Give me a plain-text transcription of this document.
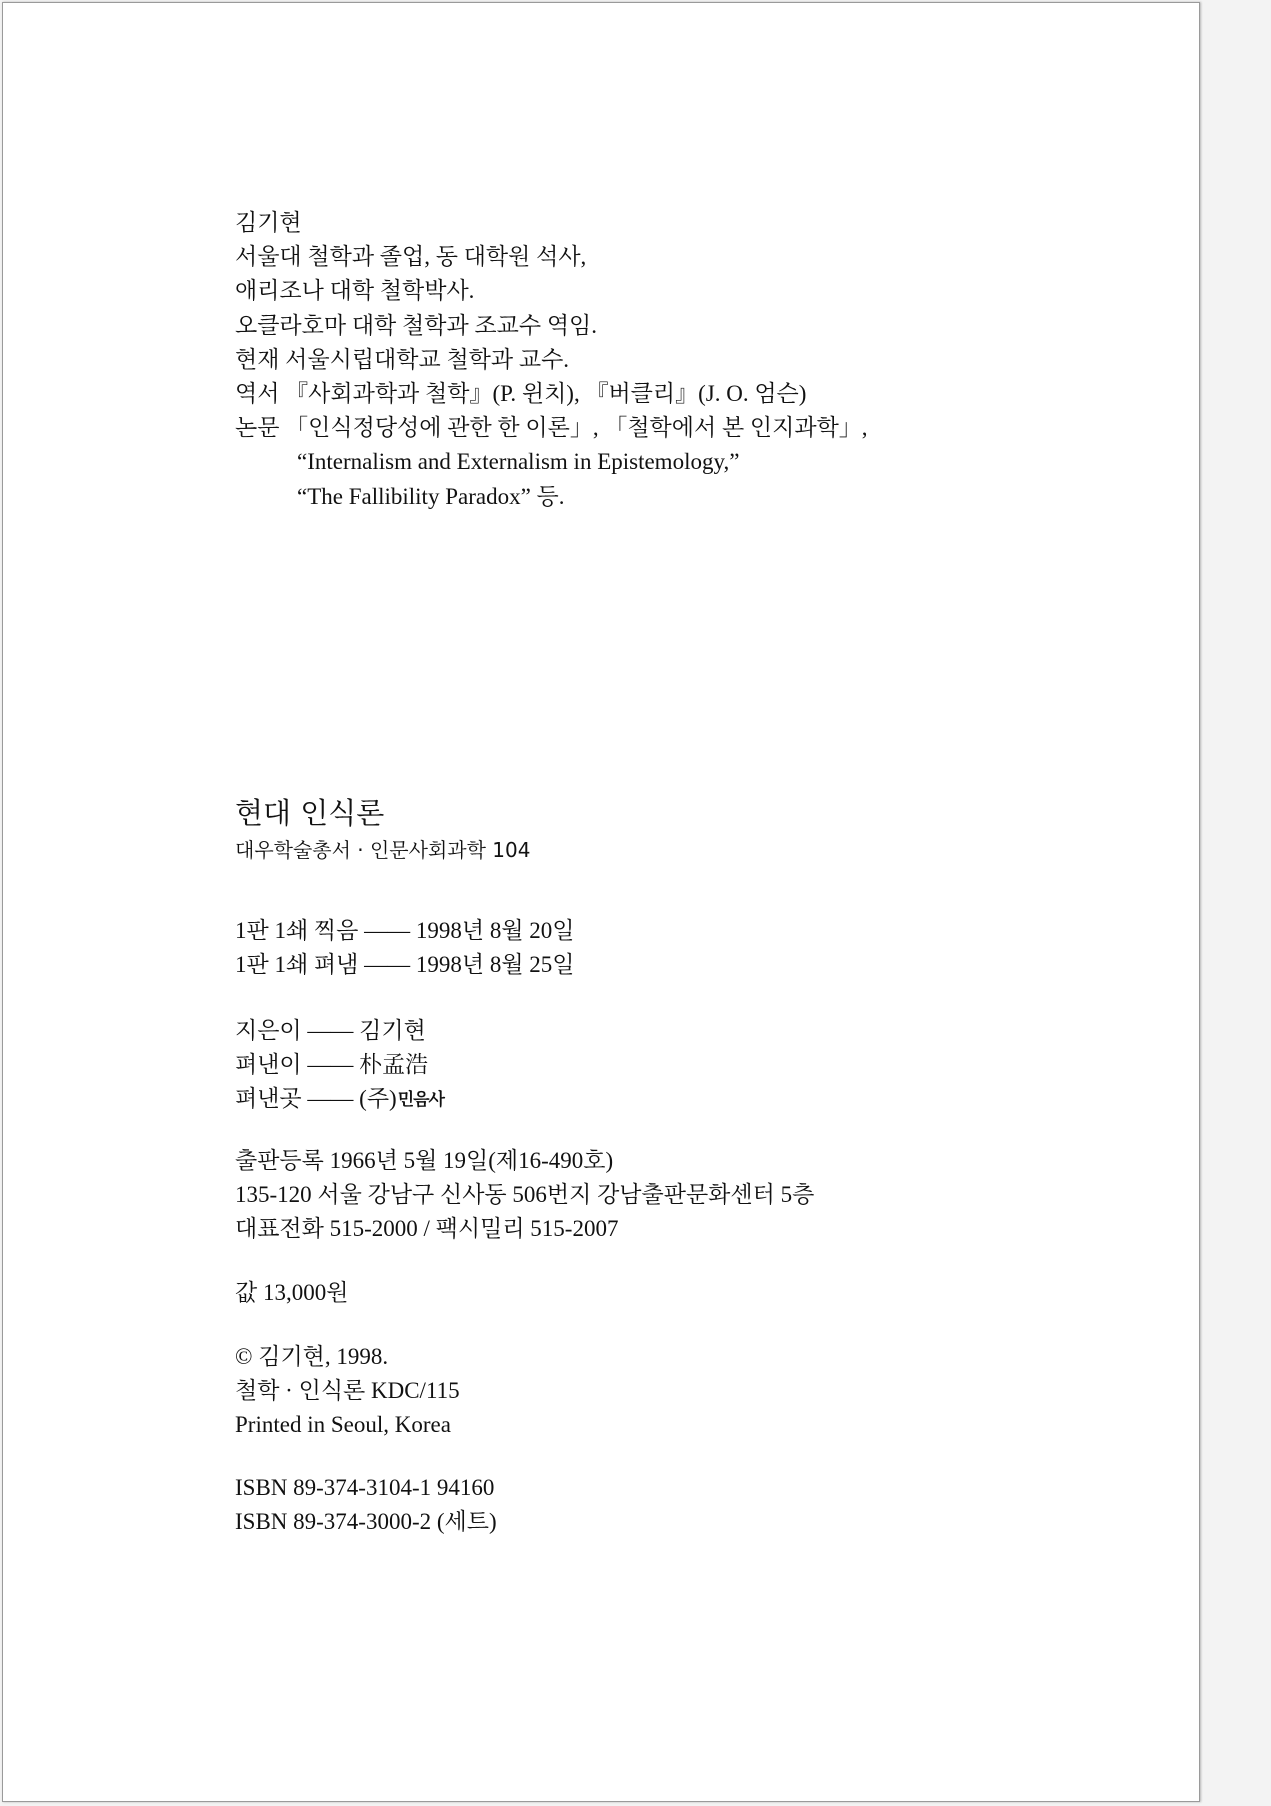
김기현
서울대 철학과 졸업, 동 대학원 석사,
애리조나 대학 철학박사.
오클라호마 대학 철학과 조교수 역임.
현재 서울시립대학교 철학과 교수.
역서 『사회과학과 철학』(P. 윈치), 『버클리』(J. O. 엄슨)
논문 「인식정당성에 관한 한 이론」, 「철학에서 본 인지과학」,
“Internalism and Externalism in Epistemology,”
“The Fallibility Paradox” 등.
현대 인식론
대우학술총서 · 인문사회과학 104
1판 1쇄 찍음 —— 1998년 8월 20일
1판 1쇄 펴냄 —— 1998년 8월 25일
지은이 —— 김기현
펴낸이 —— 朴孟浩
펴낸곳 —— (주)민음사
출판등록 1966년 5월 19일(제16-490호)
135-120 서울 강남구 신사동 506번지 강남출판문화센터 5층
대표전화 515-2000 / 팩시밀리 515-2007
값 13,000원
© 김기현, 1998.
철학 · 인식론 KDC/115
Printed in Seoul, Korea
ISBN 89-374-3104-1 94160
ISBN 89-374-3000-2 (세트)
